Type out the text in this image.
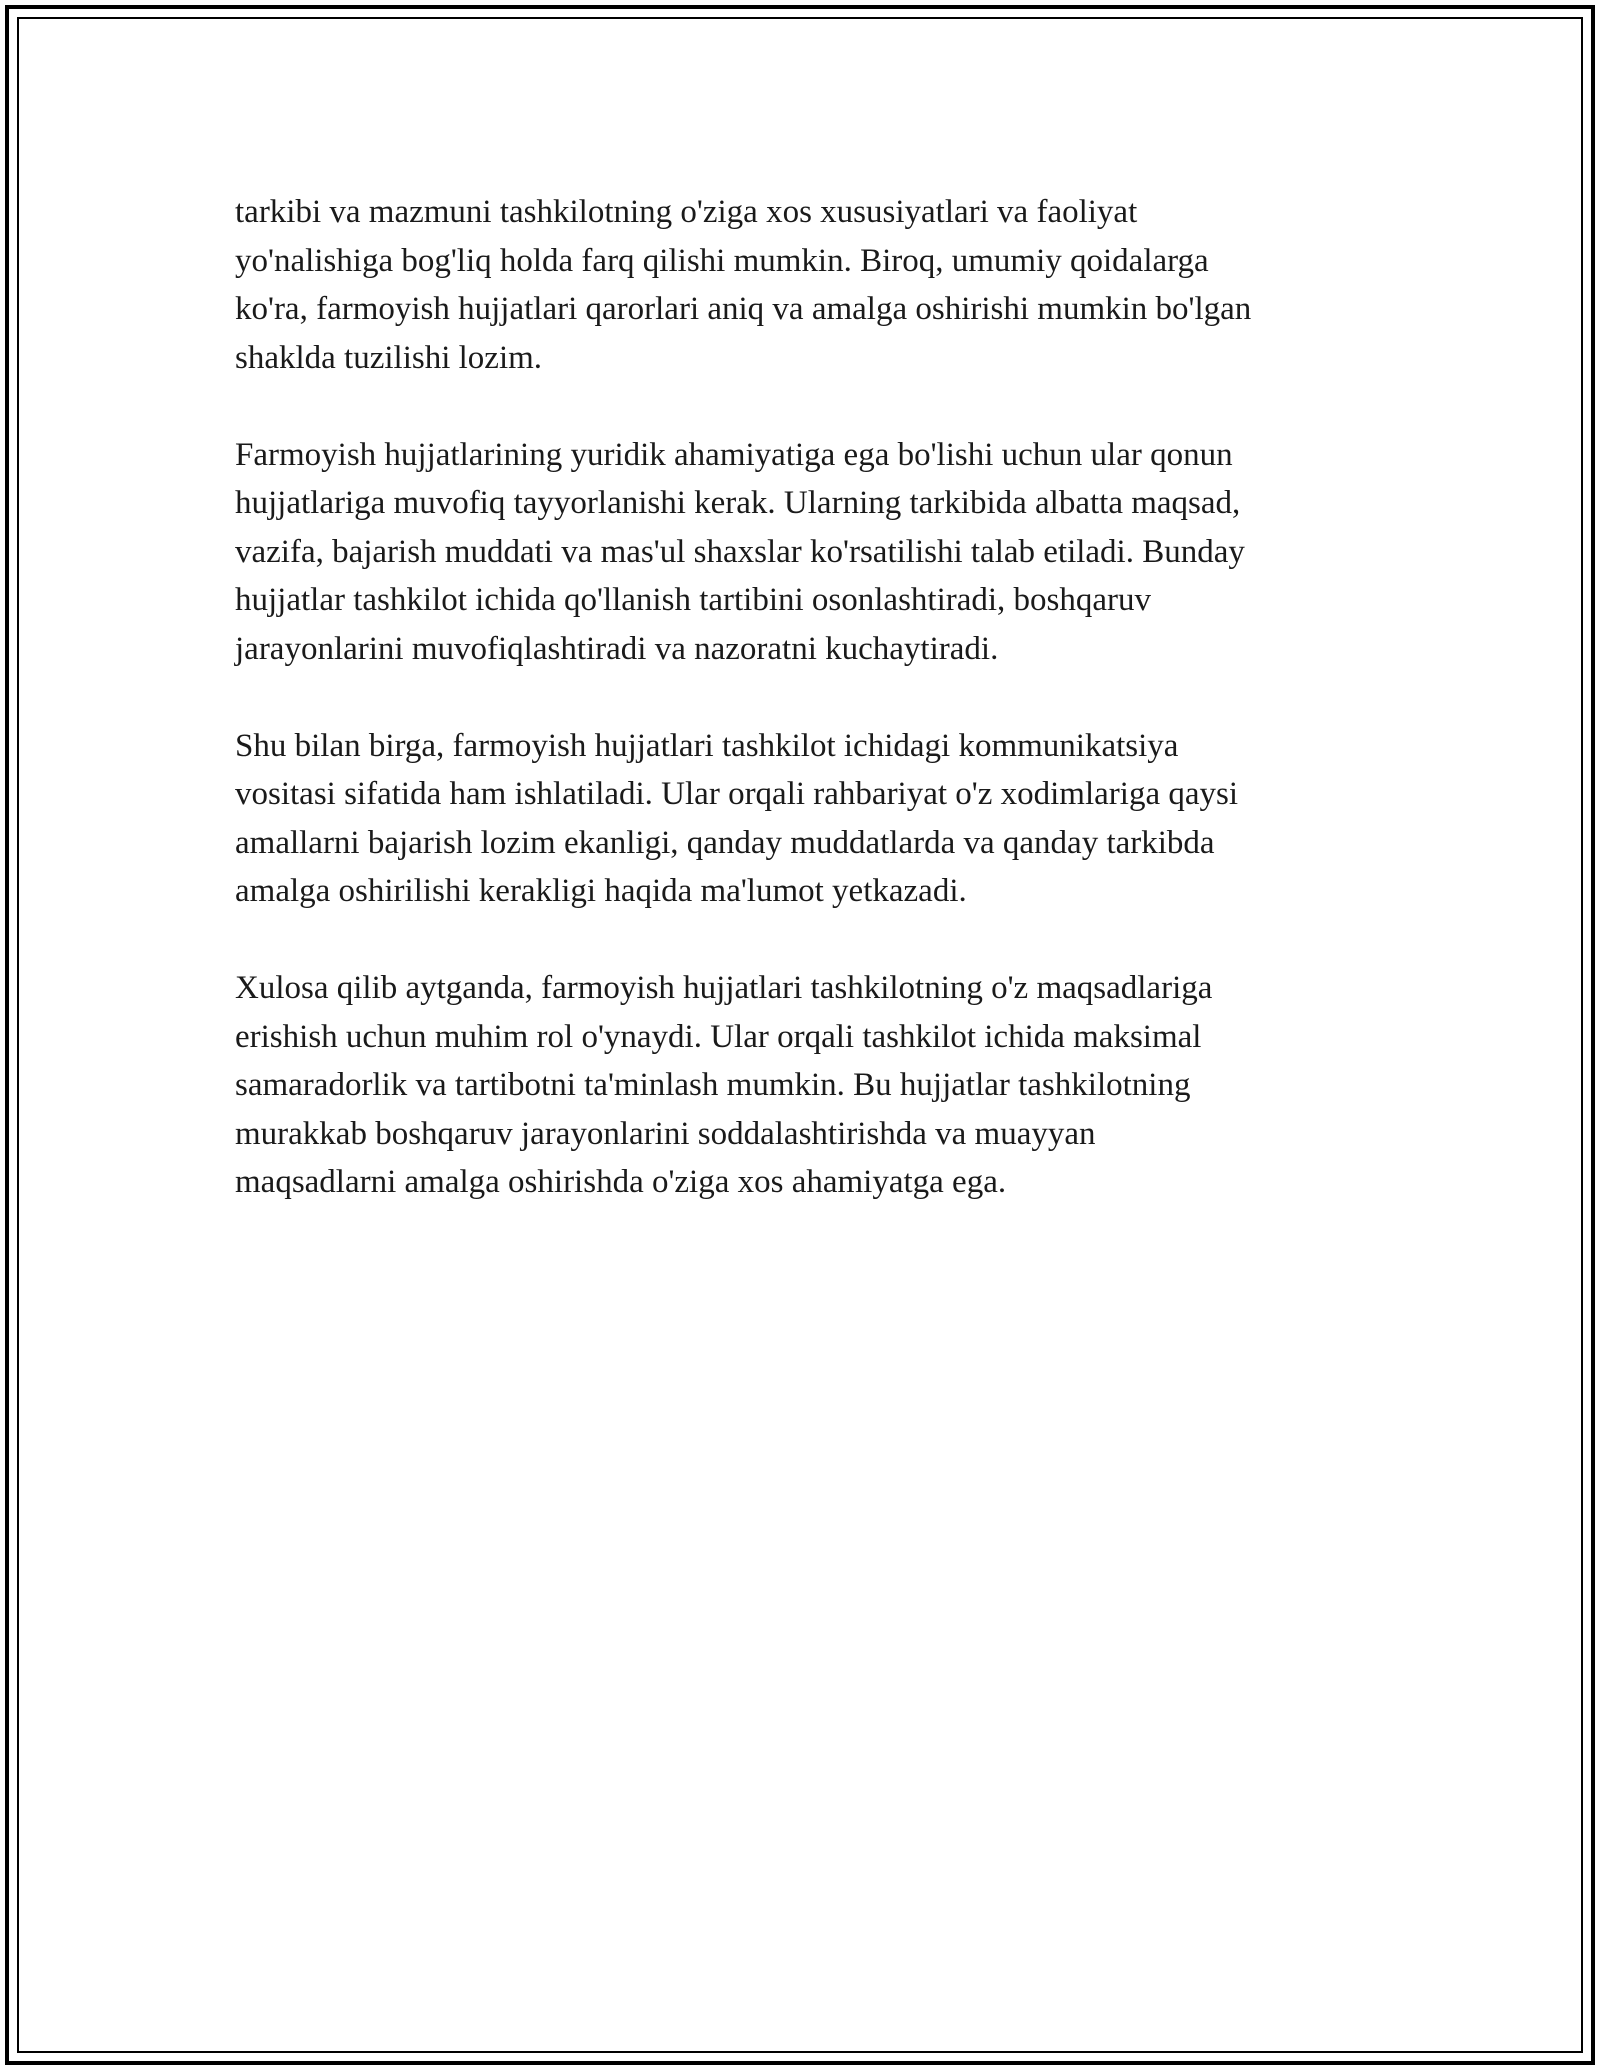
tarkibi va mazmuni tashkilotning o'ziga xos xususiyatlari va faoliyat
yo'nalishiga bog'liq holda farq qilishi mumkin. Biroq, umumiy qoidalarga
ko'ra, farmoyish hujjatlari qarorlari aniq va amalga oshirishi mumkin bo'lgan
shaklda tuzilishi lozim.

Farmoyish hujjatlarining yuridik ahamiyatiga ega bo'lishi uchun ular qonun
hujjatlariga muvofiq tayyorlanishi kerak. Ularning tarkibida albatta maqsad,
vazifa, bajarish muddati va mas'ul shaxslar ko'rsatilishi talab etiladi. Bunday
hujjatlar tashkilot ichida qo'llanish tartibini osonlashtiradi, boshqaruv
jarayonlarini muvofiqlashtiradi va nazoratni kuchaytiradi.

Shu bilan birga, farmoyish hujjatlari tashkilot ichidagi kommunikatsiya
vositasi sifatida ham ishlatiladi. Ular orqali rahbariyat o'z xodimlariga qaysi
amallarni bajarish lozim ekanligi, qanday muddatlarda va qanday tarkibda
amalga oshirilishi kerakligi haqida ma'lumot yetkazadi.

Xulosa qilib aytganda, farmoyish hujjatlari tashkilotning o'z maqsadlariga
erishish uchun muhim rol o'ynaydi. Ular orqali tashkilot ichida maksimal
samaradorlik va tartibotni ta'minlash mumkin. Bu hujjatlar tashkilotning
murakkab boshqaruv jarayonlarini soddalashtirishda va muayyan
maqsadlarni amalga oshirishda o'ziga xos ahamiyatga ega.
